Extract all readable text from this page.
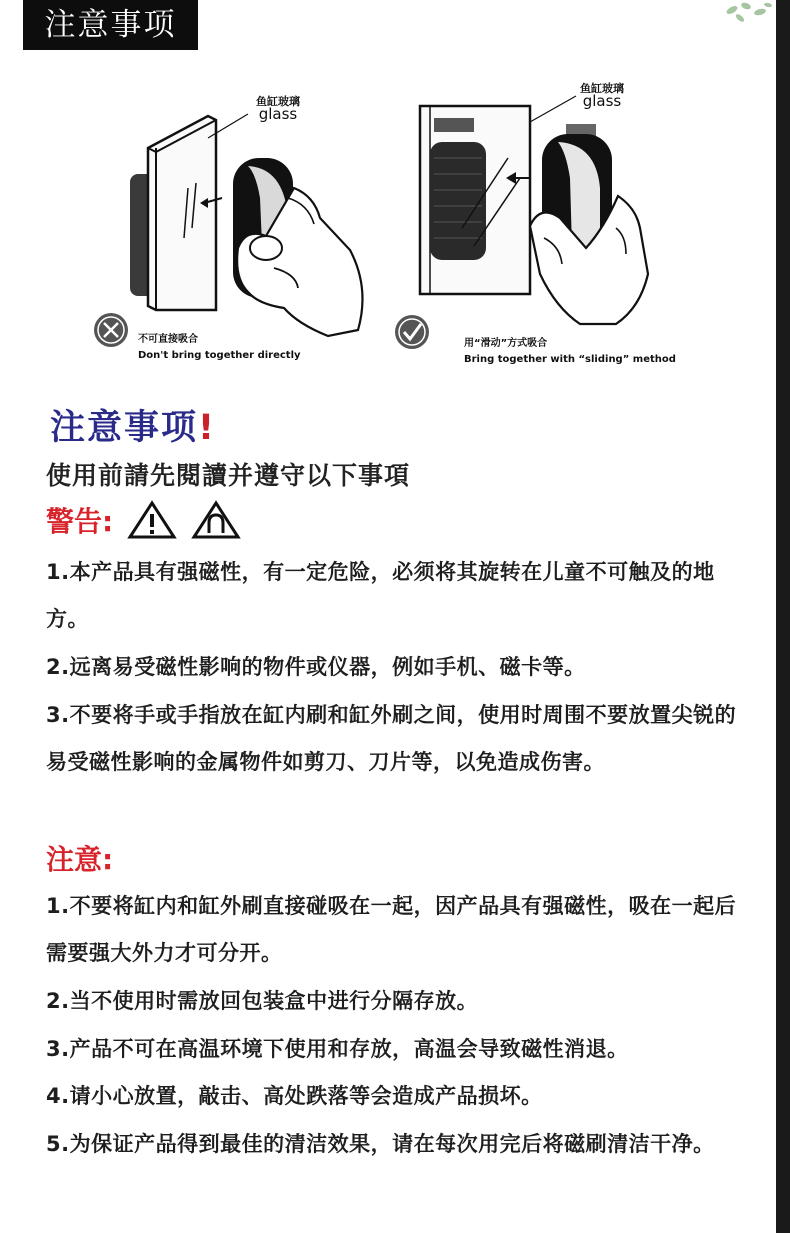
注意事项
鱼缸玻璃
glass
不可直接吸合
Don't bring together directly
鱼缸玻璃
glass
用“滑动”方式吸合
Bring together with “sliding” method
注意事项!
使用前請先閱讀并遵守以下事項
警告:
1.本产品具有强磁性，有一定危险，必须将其旋转在儿童不可触及的地方。
2.远离易受磁性影响的物件或仪器，例如手机、磁卡等。
3.不要将手或手指放在缸内刷和缸外刷之间，使用时周围不要放置尖锐的易受磁性影响的金属物件如剪刀、刀片等，以免造成伤害。
注意:
1.不要将缸内和缸外刷直接碰吸在一起，因产品具有强磁性，吸在一起后需要强大外力才可分开。
2.当不使用时需放回包装盒中进行分隔存放。
3.产品不可在高温环境下使用和存放，高温会导致磁性消退。
4.请小心放置，敲击、高处跌落等会造成产品损坏。
5.为保证产品得到最佳的清洁效果，请在每次用完后将磁刷清洁干净。
